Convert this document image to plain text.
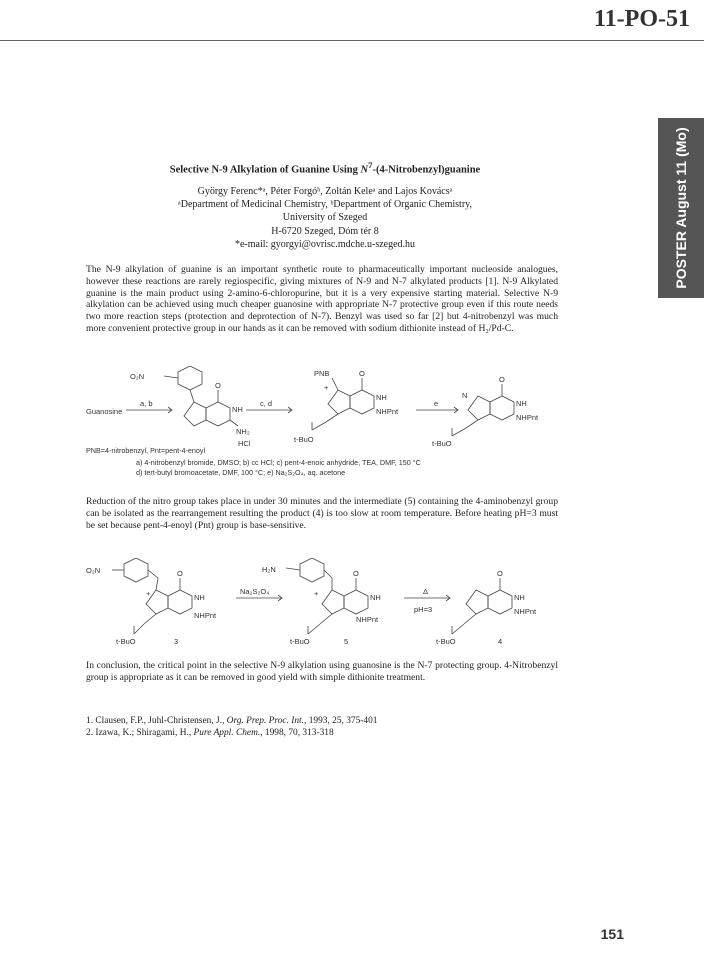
11-PO-51
POSTER August 11 (Mo)
Selective N-9 Alkylation of Guanine Using $N^7-(4-Nitrobenzyl)guanine$
György Ferenc*ᵃ, Péter Forgóᵇ, Zoltán Keleᵃ and Lajos Kovácsᵃ
ᵃDepartment of Medicinal Chemistry, ᵇDepartment of Organic Chemistry,
University of Szeged
H-6720 Szeged, Dóm tér 8
*e-mail: gyorgyi@ovrisc.mdche.u-szeged.hu
The N-9 alkylation of guanine is an important synthetic route to pharmaceutically important nucleoside analogues, however these reactions are rarely regiospecific, giving mixtures of N-9 and N-7 alkylated products [1]. N-9 Alkylated guanine is the main product using 2-amino-6-chloropurine, but it is a very expensive starting material. Selective N-9 alkylation can be achieved using much cheaper guanosine with appropriate N-7 protective group even if this route needs two more reaction steps (protection and deprotection of N-7). Benzyl was used so far [2] but 4-nitrobenzyl was much more convenient protective group in our hands as it can be removed with sodium dithionite instead of H₂/Pd-C.
O₂N
Guanosine
a, b	c, d	e
O
NH
NH₂
HCl
PNB
+
O
NH
NHPnt
t-BuO
O
N
NH
NHPnt
t-BuO
PNB=4-nitrobenzyl, Pnt=pent-4-enoyl
a) 4-nitrobenzyl bromide, DMSO; b) cc HCl; c) pent-4-enoic anhydride, TEA, DMF, 150 °C
d) tert-butyl bromoacetate, DMF, 100 °C; e) Na₂S₂O₄, aq. acetone
Reduction of the nitro group takes place in under 30 minutes and the intermediate (5) containing the 4-aminobenzyl group can be isolated as the rearrangement resulting the product (4) is too slow at room temperature. Before heating pH=3 must be set because pent-4-enoyl (Pnt) group is base-sensitive.
O₂N
+
O
NH
NHPnt
t-BuO	3
Na₂S₂O₄
H₂N
+
O
NH
NHPnt
t-BuO	5
Δ
pH=3
O
NH
NHPnt
t-BuO	4
In conclusion, the critical point in the selective N-9 alkylation using guanosine is the N-7 protecting group. 4-Nitrobenzyl group is appropriate as it can be removed in good yield with simple dithionite treatment.
1. Clausen, F.P., Juhl-Christensen, J., Org. Prep. Proc. Int., 1993, 25, 375-401
2. Izawa, K.; Shiragami, H., Pure Appl. Chem., 1998, 70, 313-318
151
